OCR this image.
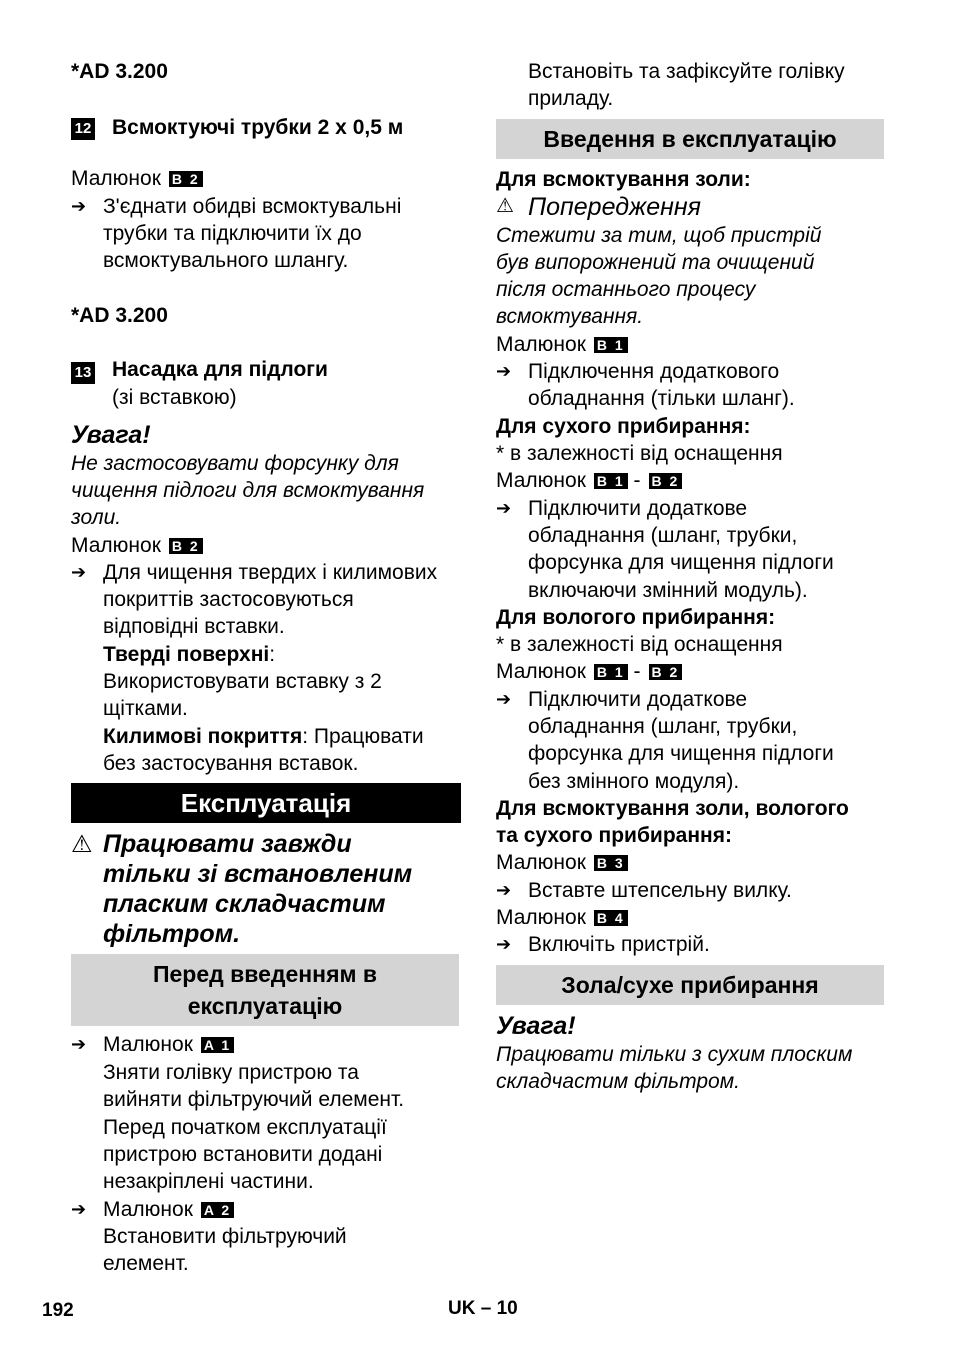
*AD 3.200
12 Всмоктуючі трубки 2 х 0,5 м
Малюнок B 2
➔ З'єднати обидві всмоктувальні
трубки та підключити їх до
всмоктувального шлангу.
*AD 3.200
13 Насадка для підлоги
(зі вставкою)
Увага!
Не застосовувати форсунку для
чищення підлоги для всмоктування
золи.
Малюнок B 2
➔ Для чищення твердих і килимових
покриттів застосовуються
відповідні вставки.
Тверді поверхні:
Використовувати вставку з 2
щітками.
Килимові покриття: Працювати
без застосування вставок.
Експлуатація
⚠ Працювати завжди
тільки зі встановленим
пласким складчастим
фільтром.
Перед введенням в
експлуатацію
➔ Малюнок A 1
Зняти голівку пристрою та
вийняти фільтруючий елемент.
Перед початком експлуатації
пристрою встановити додані
незакріплені частини.
➔ Малюнок A 2
Встановити фільтруючий
елемент.
Встановіть та зафіксуйте голівку
приладу.
Введення в експлуатацію
Для всмоктування золи:
⚠ Попередження
Стежити за тим, щоб пристрій
був випорожнений та очищений
після останнього процесу
всмоктування.
Малюнок B 1
➔ Підключення додаткового
обладнання (тільки шланг).
Для сухого прибирання:
* в залежності від оснащення
Малюнок B 1 - B 2
➔ Підключити додаткове
обладнання (шланг, трубки,
форсунка для чищення підлоги
включаючи змінний модуль).
Для вологого прибирання:
* в залежності від оснащення
Малюнок B 1 - B 2
➔ Підключити додаткове
обладнання (шланг, трубки,
форсунка для чищення підлоги
без змінного модуля).
Для всмоктування золи, вологого
та сухого прибирання:
Малюнок B 3
➔ Вставте штепсельну вилку.
Малюнок B 4
➔ Включіть пристрій.
Зола/сухе прибирання
Увага!
Працювати тільки з сухим плоским
складчастим фільтром.
192	UK – 10
